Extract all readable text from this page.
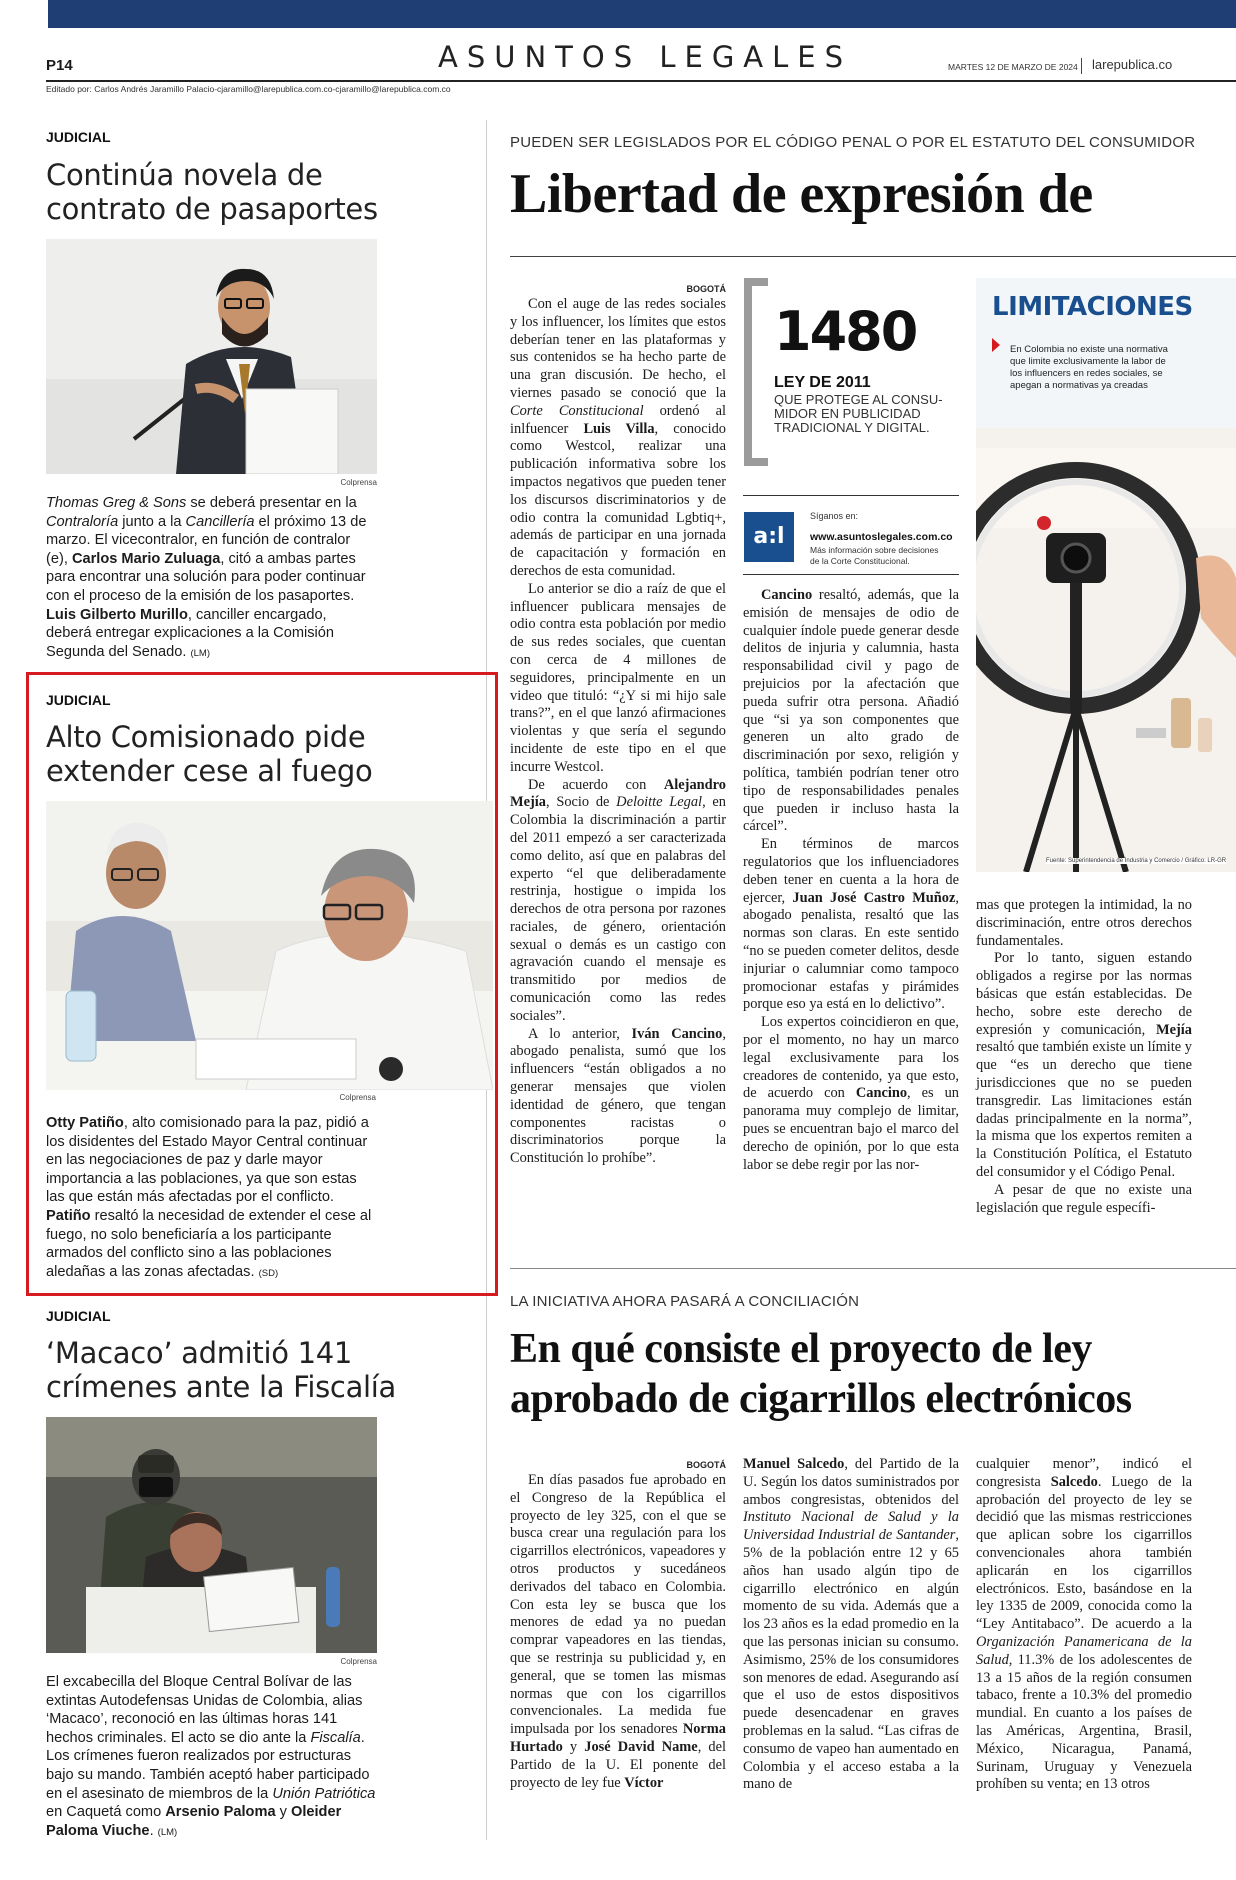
P14	ASUNTOS LEGALES	MARTES 12 DE MARZO DE 2024 larepublica.co
Editado por: Carlos Andrés Jaramillo Palacio-cjaramillo@larepublica.com.co-cjaramillo@larepublica.com.co
JUDICIAL
Continúa novela de
contrato de pasaportes
Colprensa
Thomas Greg & Sons se deberá presentar en la Contraloría junto a la Cancillería el próximo 13 de marzo. El vicecontralor, en función de contralor (e), Carlos Mario Zuluaga, citó a ambas partes para encontrar una solución para poder continuar con el proceso de la emisión de los pasaportes. Luis Gilberto Murillo, canciller encargado, deberá entregar explicaciones a la Comisión Segunda del Senado. (LM)
JUDICIAL
Alto Comisionado pide
extender cese al fuego
Colprensa
Otty Patiño, alto comisionado para la paz, pidió a los disidentes del Estado Mayor Central continuar en las negociaciones de paz y darle mayor importancia a las poblaciones, ya que son estas las que están más afectadas por el conflicto. Patiño resaltó la necesidad de extender el cese al fuego, no solo beneficiaría a los participante armados del conflicto sino a las poblaciones aledañas a las zonas afectadas. (SD)
JUDICIAL
‘Macaco’ admitió 141
crímenes ante la Fiscalía
Colprensa
El excabecilla del Bloque Central Bolívar de las extintas Autodefensas Unidas de Colombia, alias ‘Macaco’, reconoció en las últimas horas 141 hechos criminales. El acto se dio ante la Fiscalía. Los crímenes fueron realizados por estructuras bajo su mando. También aceptó haber participado en el asesinato de miembros de la Unión Patriótica en Caquetá como Arsenio Paloma y Oleider Paloma Viuche. (LM)
PUEDEN SER LEGISLADOS POR EL CÓDIGO PENAL O POR EL ESTATUTO DEL CONSUMIDOR
Libertad de expresión de
BOGOTÁ

Con el auge de las redes sociales y los influencer, los límites que estos deberían tener en las plataformas y sus contenidos se ha hecho parte de una gran discusión. De hecho, el viernes pasado se conoció que la Corte Constitucional ordenó al inlfuencer Luis Villa, conocido como Westcol, realizar una publicación informativa sobre los impactos negativos que pueden tener los discursos discriminatorios y de odio contra la comunidad Lgbtiq+, además de participar en una jornada de capacitación y formación en derechos de esta comunidad.

Lo anterior se dio a raíz de que el influencer publicara mensajes de odio contra esta población por medio de sus redes sociales, que cuentan con cerca de 4 millones de seguidores, principalmente en un video que tituló: “¿Y si mi hijo sale trans?”, en el que lanzó afirmaciones violentas y que sería el segundo incidente de este tipo en el que incurre Westcol.

De acuerdo con Alejandro Mejía, Socio de Deloitte Legal, en Colombia la discriminación a partir del 2011 empezó a ser caracterizada como delito, así que en palabras del experto “el que deliberadamente restrinja, hostigue o impida los derechos de otra persona por razones raciales, de género, orientación sexual o demás es un castigo con agravación cuando el mensaje es transmitido por medios de comunicación como las redes sociales”.

A lo anterior, Iván Cancino, abogado penalista, sumó que los influencers “están obligados a no generar mensajes que violen identidad de género, que tengan componentes racistas o discriminatorios porque la Constitución lo prohíbe”.

Cancino resaltó, además, que la emisión de mensajes de odio de cualquier índole puede generar desde delitos de injuria y calumnia, hasta responsabilidad civil y pago de prejuicios por la afectación que pueda sufrir otra persona. Añadió que “si ya son componentes que generen un alto grado de discriminación por sexo, religión y política, también podrían tener otro tipo de responsabilidades penales que pueden ir incluso hasta la cárcel”.

En términos de marcos regulatorios que los influenciadores deben tener en cuenta a la hora de ejercer, Juan José Castro Muñoz, abogado penalista, resaltó que las normas son claras. En este sentido “no se pueden cometer delitos, desde injuriar o calumniar como tampoco promocionar estafas y pirámides porque eso ya está en lo delictivo”.

Los expertos coincidieron en que, por el momento, no hay un marco legal exclusivamente para los creadores de contenido, ya que esto, de acuerdo con Cancino, es un panorama muy complejo de limitar, pues se encuentran bajo el marco del derecho de opinión, por lo que esta labor se debe regir por las nor-

mas que protegen la intimidad, la no discriminación, entre otros derechos fundamentales.

Por lo tanto, siguen estando obligados a regirse por las normas básicas que están establecidas. De hecho, sobre este derecho de expresión y comunicación, Mejía resaltó que también existe un límite y que “es un derecho que tiene jurisdicciones que no se pueden transgredir. Las limitaciones están dadas principalmente en la norma”, la misma que los expertos remiten a la Constitución Política, el Estatuto del consumidor y el Código Penal.

A pesar de que no existe una legislación que regule específi-

1480
LEY DE 2011
QUE PROTEGE AL CONSU-
MIDOR EN PUBLICIDAD
TRADICIONAL Y DIGITAL.
a:l
Síganos en:
www.asuntoslegales.com.co
Más información sobre decisiones
de la Corte Constitucional.
LIMITACIONES
En Colombia no existe una normativa
que limite exclusivamente la labor de
los influencers en redes sociales, se
apegan a normativas ya creadas
Fuente: Superintendencia de Industria y Comercio / Gráfico: LR-GR
LA INICIATIVA AHORA PASARÁ A CONCILIACIÓN
En qué consiste el proyecto de ley
aprobado de cigarrillos electrónicos
BOGOTÁ

En días pasados fue aprobado en el Congreso de la República el proyecto de ley 325, con el que se busca crear una regulación para los cigarrillos electrónicos, vapeadores y otros productos y sucedáneos derivados del tabaco en Colombia. Con esta ley se busca que los menores de edad ya no puedan comprar vapeadores en las tiendas, que se restrinja su publicidad y, en general, que se tomen las mismas normas que con los cigarrillos convencionales. La medida fue impulsada por los senadores Norma Hurtado y José David Name, del Partido de la U. El ponente del proyecto de ley fue Víctor

Manuel Salcedo, del Partido de la U. Según los datos suministrados por ambos congresistas, obtenidos del Instituto Nacional de Salud y la Universidad Industrial de Santander, 5% de la población entre 12 y 65 años han usado algún tipo de cigarrillo electrónico en algún momento de su vida. Además que a los 23 años es la edad promedio en la que las personas inician su consumo. Asimismo, 25% de los consumidores son menores de edad. Asegurando así que el uso de estos dispositivos puede desencadenar en graves problemas en la salud. “Las cifras de consumo de vapeo han aumentado en Colombia y el acceso estaba a la mano de

cualquier menor”, indicó el congresista Salcedo. Luego de la aprobación del proyecto de ley se decidió que las mismas restricciones que aplican sobre los cigarrillos convencionales ahora también aplicarán en los cigarrillos electrónicos. Esto, basándose en la ley 1335 de 2009, conocida como la “Ley Antitabaco”. De acuerdo a la Organización Panamericana de la Salud, 11.3% de los adolescentes de 13 a 15 años de la región consumen tabaco, frente a 10.3% del promedio mundial. En cuanto a los países de las Américas, Argentina, Brasil, México, Nicaragua, Panamá, Surinam, Uruguay y Venezuela prohíben su venta; en 13 otros
